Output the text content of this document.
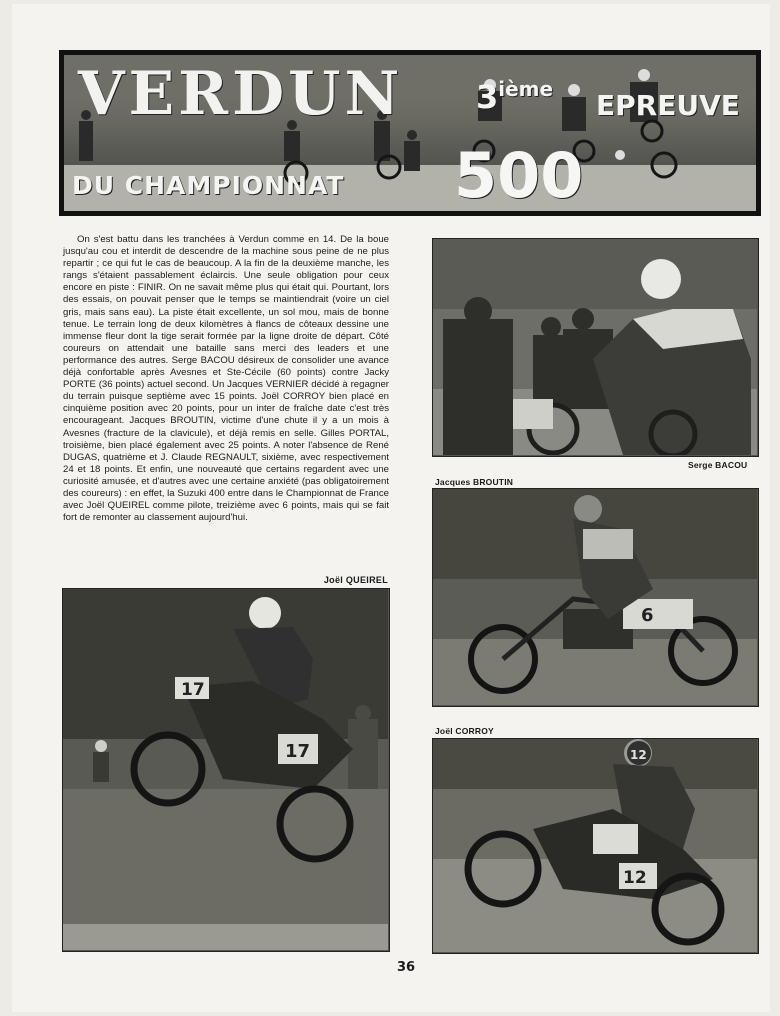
VERDUN 3ième EPREUVE
DU CHAMPIONNAT 500

On s'est battu dans les tranchées à Verdun comme en 14. De la boue jusqu'au cou et interdit de descendre de la machine sous peine de ne plus repartir ; ce qui fut le cas de beaucoup. A la fin de la deuxième manche, les rangs s'étaient passablement éclaircis. Une seule obligation pour ceux encore en piste : FINIR. On ne savait même plus qui était qui. Pourtant, lors des essais, on pouvait penser que le temps se maintiendrait (voire un ciel gris, mais sans eau). La piste était excellente, un sol mou, mais de bonne tenue. Le terrain long de deux kilomètres à flancs de côteaux dessine une immense fleur dont la tige serait formée par la ligne droite de départ. Côté coureurs on attendait une bataille sans merci des leaders et une performance des autres. Serge BACOU désireux de consolider une avance déjà confortable après Avesnes et Ste-Cécile (60 points) contre Jacky PORTE (36 points) actuel second. Un Jacques VERNIER décidé à regagner du terrain puisque septième avec 15 points. Joël CORROY bien placé en cinquième position avec 20 points, pour un inter de fraîche date c'est très encourageant. Jacques BROUTIN, victime d'une chute il y a un mois à Avesnes (fracture de la clavicule), et déjà remis en selle. Gilles PORTAL, troisième, bien placé également avec 25 points. A noter l'absence de René DUGAS, quatrième et J. Claude REGNAULT, sixième, avec respectivement 24 et 18 points. Et enfin, une nouveauté que certains regardent avec une curiosité amusée, et d'autres avec une certaine anxiété (pas obligatoirement des coureurs) : en effet, la Suzuki 400 entre dans le Championnat de France avec Joël QUEIREL comme pilote, treizième avec 6 points, mais qui se fait fort de remonter au classement aujourd'hui.

Joël QUEIREL
Serge BACOU
Jacques BROUTIN
6
17
17
Joël CORROY
12
12
36
